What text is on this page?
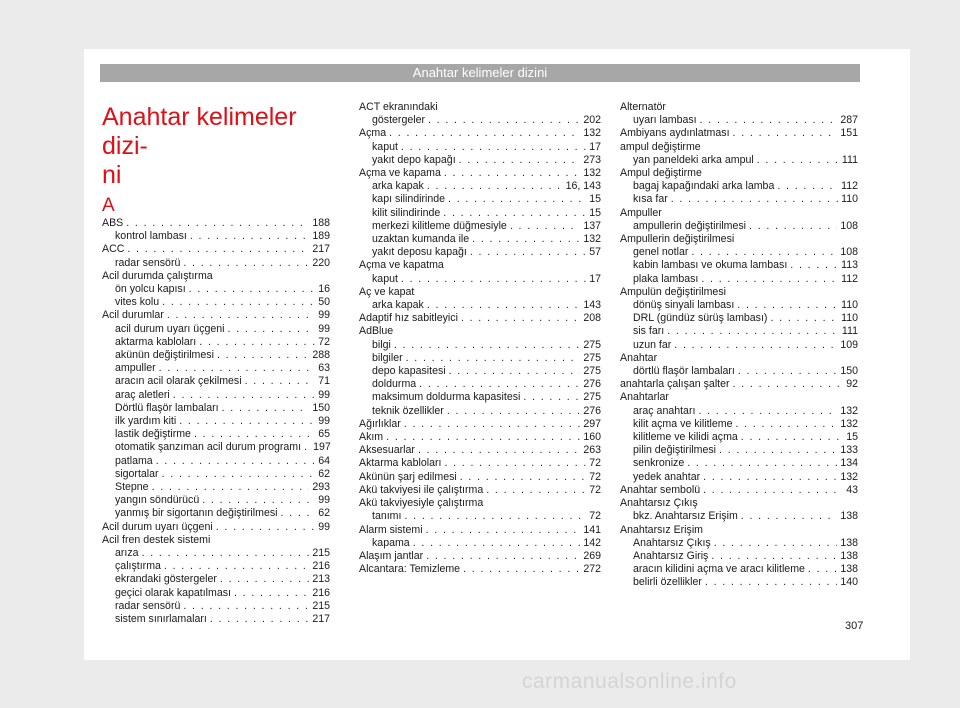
Anahtar kelimeler dizini
Anahtar kelimeler dizi-
ni
A
ABS . . .	188
kontrol lambası . . .	189
ACC . . .	217
radar sensörü . . .	220
Acil durumda çalıştırma
ön yolcu kapısı . . .	16
vites kolu . . .	50
Acil durumlar . . .	99
acil durum uyarı üçgeni . . .	99
aktarma kabloları . . .	72
akünün değiştirilmesi . . .	288
ampuller . . .	63
aracın acil olarak çekilmesi . . .	71
araç aletleri . . .	99
Dörtlü flaşör lambaları . . .	150
ilk yardım kiti . . .	99
lastik değiştirme . . .	65
otomatik şanzıman acil durum programı . . . 197
patlama . . .	64
sigortalar . . .	62
Stepne . . .	293
yangın söndürücü . . .	99
yanmış bir sigortanın değiştirilmesi . . .	62
Acil durum uyarı üçgeni . . .	99
Acil fren destek sistemi
arıza . . .	215
çalıştırma . . .	216
ekrandaki göstergeler . . .	213
geçici olarak kapatılması . . .	216
radar sensörü . . .	215
sistem sınırlamaları . . .	217
ACT ekranındaki
göstergeler . . .	202
Açma . . .	132
kaput . . .	17
yakıt depo kapağı . . .	273
Açma ve kapama . . .	132
arka kapak . . .	16, 143
kapı silindirinde . . .	15
kilit silindirinde . . .	15
merkezi kilitleme düğmesiyle . . .	137
uzaktan kumanda ile . . .	132
yakıt deposu kapağı . . .	57
Açma ve kapatma
kaput . . .	17
Aç ve kapat
arka kapak . . .	143
Adaptif hız sabitleyici . . .	208
AdBlue
bilgi . . .	275
bilgiler . . .	275
depo kapasitesi . . .	275
doldurma . . .	276
maksimum doldurma kapasitesi . . .	275
teknik özellikler . . .	276
Ağırlıklar . . .	297
Akım . . .	160
Aksesuarlar . . .	263
Aktarma kabloları . . .	72
Akünün şarj edilmesi . . .	72
Akü takviyesi ile çalıştırma . . .	72
Akü takviyesiyle çalıştırma
tanımı . . .	72
Alarm sistemi . . .	141
kapama . . .	142
Alaşım jantlar . . .	269
Alcantara: Temizleme . . .	272
Alternatör
uyarı lambası . . .	287
Ambiyans aydınlatması . . .	151
ampul değiştirme
yan paneldeki arka ampul . . .	111
Ampul değiştirme
bagaj kapağındaki arka lamba . . .	112
kısa far . . .	110
Ampuller
ampullerin değiştirilmesi . . .	108
Ampullerin değiştirilmesi
genel notlar . . .	108
kabin lambası ve okuma lambası . . .	113
plaka lambası . . .	112
Ampulün değiştirilmesi
dönüş sinyali lambası . . .	110
DRL (gündüz sürüş lambası) . . .	110
sis farı . . .	111
uzun far . . .	109
Anahtar
dörtlü flaşör lambaları . . .	150
anahtarla çalışan şalter . . .	92
Anahtarlar
araç anahtarı . . .	132
kilit açma ve kilitleme . . .	132
kilitleme ve kilidi açma . . .	15
pilin değiştirilmesi . . .	133
senkronize . . .	134
yedek anahtar . . .	132
Anahtar sembolü . . .	43
Anahtarsız Çıkış
bkz. Anahtarsız Erişim . . .	138
Anahtarsız Erişim
Anahtarsız Çıkış . . .	138
Anahtarsız Giriş . . .	138
aracın kilidini açma ve aracı kilitleme . . .	138
belirli özellikler . . .	140
307
carmanualsonline.info
